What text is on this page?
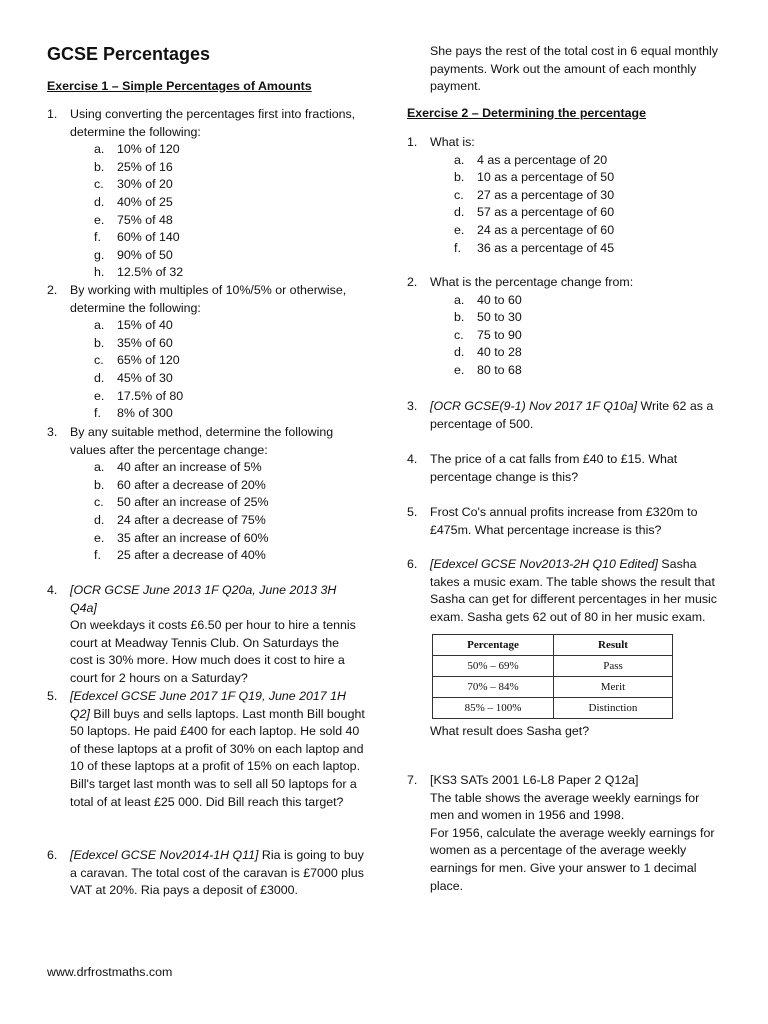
GCSE Percentages
Exercise 1 – Simple Percentages of Amounts
1. Using converting the percentages first into fractions, determine the following:
a.	10% of 120
b.	25% of 16
c.	30% of 20
d.	40% of 25
e.	75% of 48
f.	60% of 140
g.	90% of 50
h.	12.5% of 32
2. By working with multiples of 10%/5% or otherwise, determine the following:
a.	15% of 40
b.	35% of 60
c.	65% of 120
d.	45% of 30
e.	17.5% of 80
f.	8% of 300
3. By any suitable method, determine the following values after the percentage change:
a.	40 after an increase of 5%
b.	60 after a decrease of 20%
c.	50 after an increase of 25%
d.	24 after a decrease of 75%
e.	35 after an increase of 60%
f.	25 after a decrease of 40%
4. [OCR GCSE June 2013 1F Q20a, June 2013 3H Q4a]
On weekdays it costs £6.50 per hour to hire a tennis court at Meadway Tennis Club. On Saturdays the cost is 30% more. How much does it cost to hire a court for 2 hours on a Saturday?
5. [Edexcel GCSE June 2017 1F Q19, June 2017 1H Q2] Bill buys and sells laptops. Last month Bill bought 50 laptops. He paid £400 for each laptop. He sold 40 of these laptops at a profit of 30% on each laptop and 10 of these laptops at a profit of 15% on each laptop. Bill's target last month was to sell all 50 laptops for a total of at least £25 000. Did Bill reach this target?
6. [Edexcel GCSE Nov2014-1H Q11] Ria is going to buy a caravan. The total cost of the caravan is £7000 plus VAT at 20%. Ria pays a deposit of £3000.
She pays the rest of the total cost in 6 equal monthly payments. Work out the amount of each monthly payment.
Exercise 2 – Determining the percentage
1. What is:
a.	4 as a percentage of 20
b.	10 as a percentage of 50
c.	27 as a percentage of 30
d.	57 as a percentage of 60
e.	24 as a percentage of 60
f.	36 as a percentage of 45
2. What is the percentage change from:
a.	40 to 60
b.	50 to 30
c.	75 to 90
d.	40 to 28
e.	80 to 68
3. [OCR GCSE(9-1) Nov 2017 1F Q10a] Write 62 as a percentage of 500.
4. The price of a cat falls from £40 to £15. What percentage change is this?
5. Frost Co's annual profits increase from £320m to £475m. What percentage increase is this?
6. [Edexcel GCSE Nov2013-2H Q10 Edited] Sasha takes a music exam. The table shows the result that Sasha can get for different percentages in her music exam. Sasha gets 62 out of 80 in her music exam.
Percentage	Result
50% – 69%	Pass
70% – 84%	Merit
85% – 100%	Distinction
What result does Sasha get?
7. [KS3 SATs 2001 L6-L8 Paper 2 Q12a]
The table shows the average weekly earnings for men and women in 1956 and 1998.
For 1956, calculate the average weekly earnings for women as a percentage of the average weekly earnings for men. Give your answer to 1 decimal place.
www.drfrostmaths.com
